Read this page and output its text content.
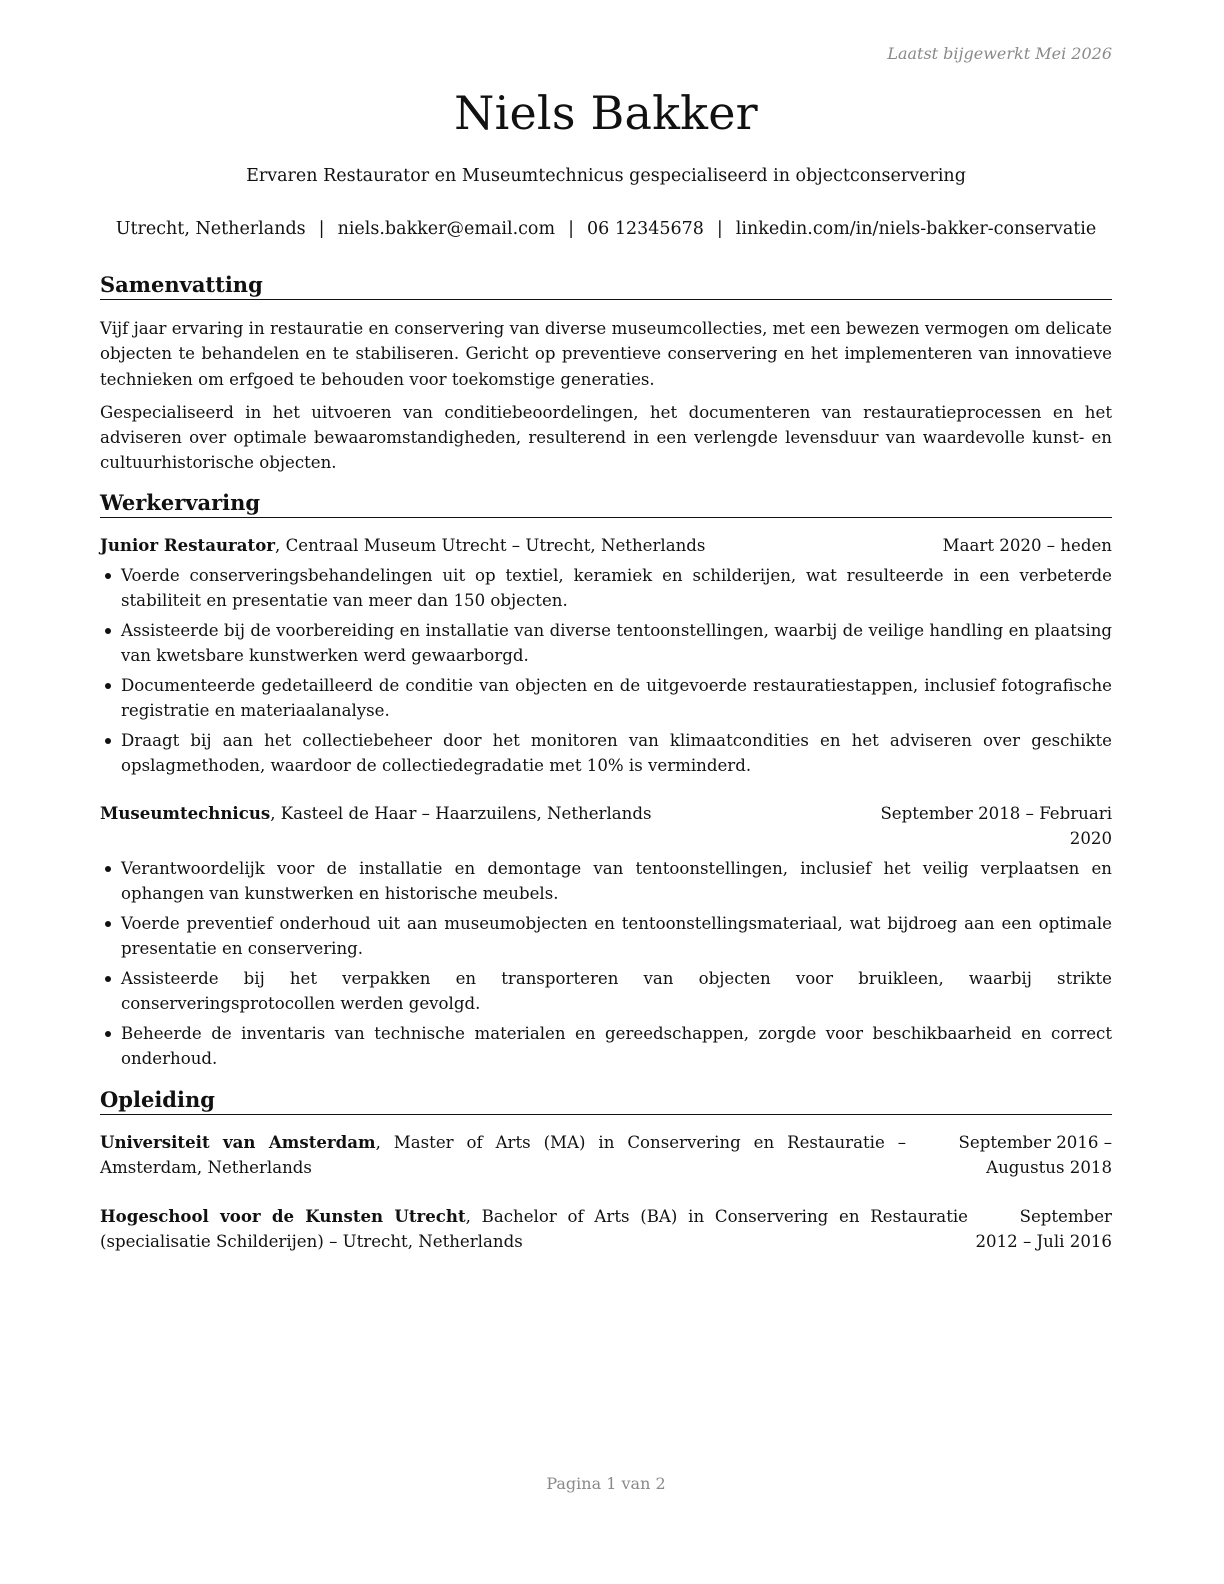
Laatst bijgewerkt Mei 2026
Niels Bakker
Ervaren Restaurator en Museumtechnicus gespecialiseerd in objectconservering
Utrecht, Netherlands | niels.bakker@email.com | 06 12345678 | linkedin.com/in/niels-bakker-conservatie
Samenvatting

Vijf jaar ervaring in restauratie en conservering van diverse museumcollecties, met een bewezen vermogen om delicate objecten te behandelen en te stabiliseren. Gericht op preventieve conservering en het implementeren van innovatieve technieken om erfgoed te behouden voor toekomstige generaties.

Gespecialiseerd in het uitvoeren van conditiebeoordelingen, het documenteren van restauratieprocessen en het adviseren over optimale bewaaromstandigheden, resulterend in een verlengde levensduur van waardevolle kunst- en cultuurhistorische objecten.

Werkervaring
Junior Restaurator, Centraal Museum Utrecht – Utrecht, Netherlands	Maart 2020 – heden
Voerde conserveringsbehandelingen uit op textiel, keramiek en schilderijen, wat resulteerde in een verbeterde stabiliteit en presentatie van meer dan 150 objecten.
Assisteerde bij de voorbereiding en installatie van diverse tentoonstellingen, waarbij de veilige handling en plaatsing van kwetsbare kunstwerken werd gewaarborgd.
Documenteerde gedetailleerd de conditie van objecten en de uitgevoerde restauratiestappen, inclusief fotografische registratie en materiaalanalyse.
Draagt bij aan het collectiebeheer door het monitoren van klimaatcondities en het adviseren over geschikte opslagmethoden, waardoor de collectiedegradatie met 10% is verminderd.
Museumtechnicus, Kasteel de Haar – Haarzuilens, Netherlands	September 2018 – Februari 2020
Verantwoordelijk voor de installatie en demontage van tentoonstellingen, inclusief het veilig verplaatsen en ophangen van kunstwerken en historische meubels.
Voerde preventief onderhoud uit aan museumobjecten en tentoonstellingsmateriaal, wat bijdroeg aan een optimale presentatie en conservering.
Assisteerde bij het verpakken en transporteren van objecten voor bruikleen, waarbij strikte conserveringsprotocollen werden gevolgd.
Beheerde de inventaris van technische materialen en gereedschappen, zorgde voor beschikbaarheid en correct onderhoud.
Opleiding
Universiteit van Amsterdam, Master of Arts (MA) in Conservering en Restauratie – Amsterdam, Netherlands
September 2016 – Augustus 2018
Hogeschool voor de Kunsten Utrecht, Bachelor of Arts (BA) in Conservering en Restauratie (specialisatie Schilderijen) – Utrecht, Netherlands
September 2012 – Juli 2016
Pagina 1 van 2
